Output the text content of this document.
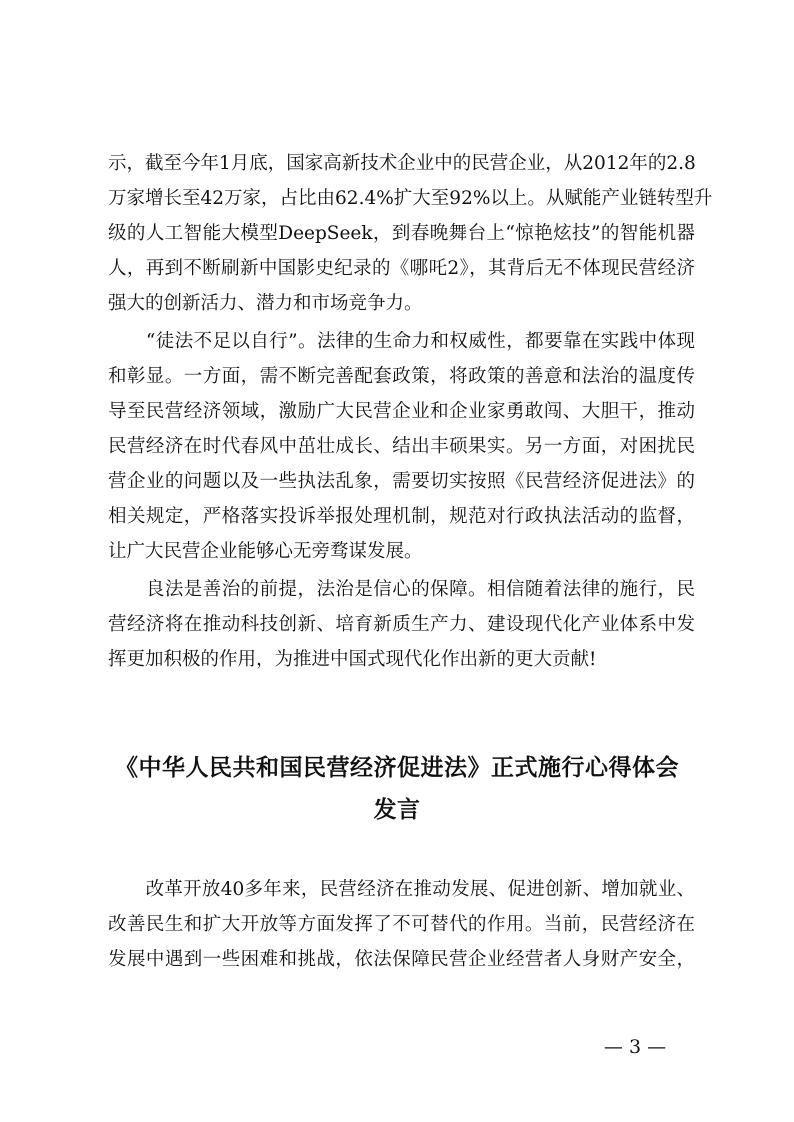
示，截至今年1月底，国家高新技术企业中的民营企业，从2012年的2.8
万家增长至42万家，占比由62.4%扩大至92%以上。从赋能产业链转型升
级的人工智能大模型DeepSeek，到春晚舞台上“惊艳炫技”的智能机器
人，再到不断刷新中国影史纪录的《哪吒2》，其背后无不体现民营经济
强大的创新活力、潜力和市场竞争力。
　　“徒法不足以自行”。法律的生命力和权威性，都要靠在实践中体现
和彰显。一方面，需不断完善配套政策，将政策的善意和法治的温度传
导至民营经济领域，激励广大民营企业和企业家勇敢闯、大胆干，推动
民营经济在时代春风中茁壮成长、结出丰硕果实。另一方面，对困扰民
营企业的问题以及一些执法乱象，需要切实按照《民营经济促进法》的
相关规定，严格落实投诉举报处理机制，规范对行政执法活动的监督，
让广大民营企业能够心无旁骛谋发展。
　　良法是善治的前提，法治是信心的保障。相信随着法律的施行，民
营经济将在推动科技创新、培育新质生产力、建设现代化产业体系中发
挥更加积极的作用，为推进中国式现代化作出新的更大贡献!
《中华人民共和国民营经济促进法》正式施行心得体会
发言
　　改革开放40多年来，民营经济在推动发展、促进创新、增加就业、
改善民生和扩大开放等方面发挥了不可替代的作用。当前，民营经济在
发展中遇到一些困难和挑战，依法保障民营企业经营者人身财产安全，
— 3 —
